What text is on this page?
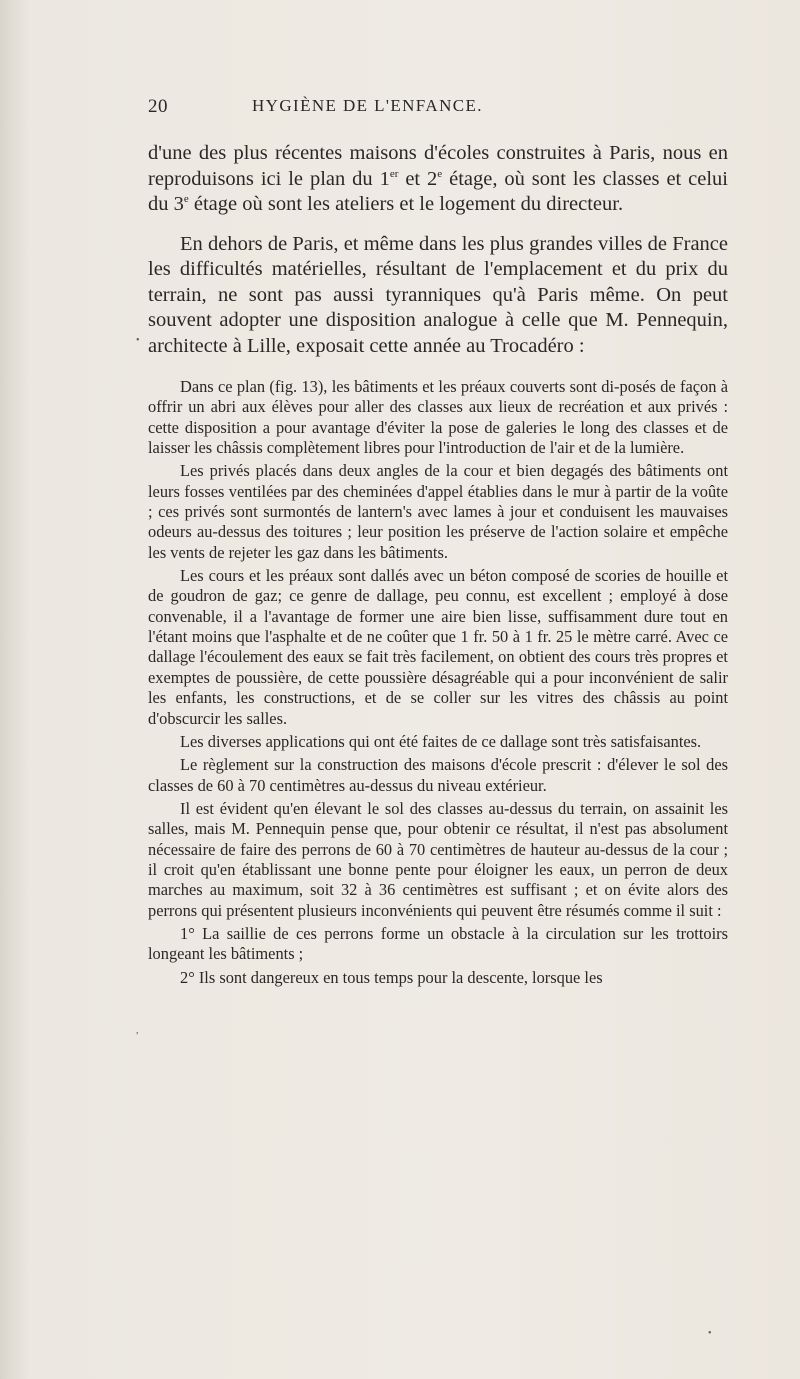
20	HYGIÈNE DE L'ENFANCE.

d'une des plus récentes maisons d'écoles construites à Paris, nous en reproduisons ici le plan du 1er et 2e étage, où sont les classes et celui du 3e étage où sont les ateliers et le logement du directeur.

En dehors de Paris, et même dans les plus grandes villes de France les difficultés matérielles, résultant de l'emplacement et du prix du terrain, ne sont pas aussi tyranniques qu'à Paris même. On peut souvent adopter une disposition analogue à celle que M. Pennequin, architecte à Lille, exposait cette année au Trocadéro :

Dans ce plan (fig. 13), les bâtiments et les préaux couverts sont di-posés de façon à offrir un abri aux élèves pour aller des classes aux lieux de recréation et aux privés : cette disposition a pour avantage d'éviter la pose de galeries le long des classes et de laisser les châssis complètement libres pour l'introduction de l'air et de la lumière.

Les privés placés dans deux angles de la cour et bien degagés des bâtiments ont leurs fosses ventilées par des cheminées d'appel établies dans le mur à partir de la voûte ; ces privés sont surmontés de lantern's avec lames à jour et conduisent les mauvaises odeurs au-dessus des toitures ; leur position les préserve de l'action solaire et empêche les vents de rejeter les gaz dans les bâtiments.

Les cours et les préaux sont dallés avec un béton composé de scories de houille et de goudron de gaz; ce genre de dallage, peu connu, est excellent ; employé à dose convenable, il a l'avantage de former une aire bien lisse, suffisamment dure tout en l'étant moins que l'asphalte et de ne coûter que 1 fr. 50 à 1 fr. 25 le mètre carré. Avec ce dallage l'écoulement des eaux se fait très facilement, on obtient des cours très propres et exemptes de poussière, de cette poussière désagréable qui a pour inconvénient de salir les enfants, les constructions, et de se coller sur les vitres des châssis au point d'obscurcir les salles.

Les diverses applications qui ont été faites de ce dallage sont très satisfaisantes.

Le règlement sur la construction des maisons d'école prescrit : d'élever le sol des classes de 60 à 70 centimètres au-dessus du niveau extérieur.

Il est évident qu'en élevant le sol des classes au-dessus du terrain, on assainit les salles, mais M. Pennequin pense que, pour obtenir ce résultat, il n'est pas absolument nécessaire de faire des perrons de 60 à 70 centimètres de hauteur au-dessus de la cour ; il croit qu'en établissant une bonne pente pour éloigner les eaux, un perron de deux marches au maximum, soit 32 à 36 centimètres est suffisant ; et on évite alors des perrons qui présentent plusieurs inconvénients qui peuvent être résumés comme il suit :

1° La saillie de ces perrons forme un obstacle à la circulation sur les trottoirs longeant les bâtiments ;

2° Ils sont dangereux en tous temps pour la descente, lorsque les

•
,
•
